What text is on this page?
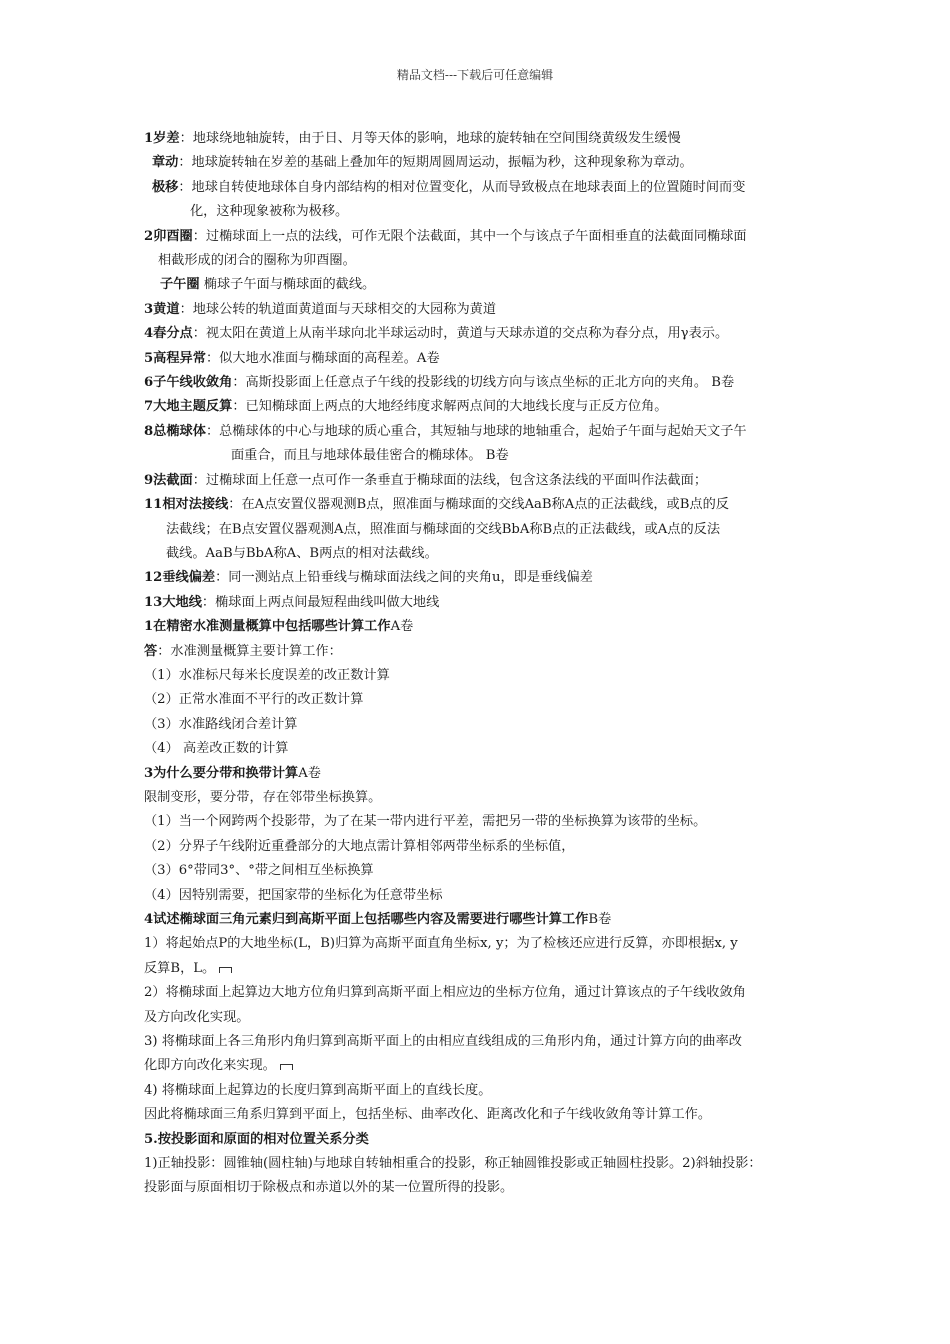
精品文档---下载后可任意编辑

1岁差：地球绕地轴旋转，由于日、月等天体的影响，地球的旋转轴在空间围绕黄级发生缓慢

章动：地球旋转轴在岁差的基础上叠加年的短期周圆周运动，振幅为秒，这种现象称为章动。

极移：地球自转使地球体自身内部结构的相对位置变化，从而导致极点在地球表面上的位置随时间而变

化，这种现象被称为极移。

2卯酉圈：过椭球面上一点的法线，可作无限个法截面，其中一个与该点子午面相垂直的法截面同椭球面

相截形成的闭合的圈称为卯酉圈。

子午圈 椭球子午面与椭球面的截线。

3黄道：地球公转的轨道面黄道面与天球相交的大园称为黄道

4春分点：视太阳在黄道上从南半球向北半球运动时，黄道与天球赤道的交点称为春分点，用γ表示。

5高程异常：似大地水准面与椭球面的高程差。A卷

6子午线收敛角：高斯投影面上任意点子午线的投影线的切线方向与该点坐标的正北方向的夹角。 B卷

7大地主题反算：已知椭球面上两点的大地经纬度求解两点间的大地线长度与正反方位角。

8总椭球体：总椭球体的中心与地球的质心重合，其短轴与地球的地轴重合，起始子午面与起始天文子午

面重合，而且与地球体最佳密合的椭球体。 B卷

9法截面：过椭球面上任意一点可作一条垂直于椭球面的法线，包含这条法线的平面叫作法截面；

11相对法接线：在A点安置仪器观测B点，照准面与椭球面的交线AaB称A点的正法截线，或B点的反

法截线；在B点安置仪器观测A点，照准面与椭球面的交线BbA称B点的正法截线，或A点的反法

截线。AaB与BbA称A、B两点的相对法截线。

12垂线偏差：同一测站点上铅垂线与椭球面法线之间的夹角u，即是垂线偏差

13大地线：椭球面上两点间最短程曲线叫做大地线

1在精密水准测量概算中包括哪些计算工作A卷

答：水准测量概算主要计算工作：

（1）水准标尺每米长度误差的改正数计算

（2）正常水准面不平行的改正数计算

（3）水准路线闭合差计算

（4） 高差改正数的计算

3为什么要分带和换带计算A卷

限制变形，要分带，存在邻带坐标换算。

（1）当一个网跨两个投影带，为了在某一带内进行平差，需把另一带的坐标换算为该带的坐标。

（2）分界子午线附近重叠部分的大地点需计算相邻两带坐标系的坐标值，

（3）6°带同3°、°带之间相互坐标换算

（4）因特别需要，把国家带的坐标化为任意带坐标

4试述椭球面三角元素归到高斯平面上包括哪些内容及需要进行哪些计算工作B卷

1）将起始点P的大地坐标(L，B)归算为高斯平面直角坐标x, y；为了检核还应进行反算，亦即根据x, y

反算B，L。

2）将椭球面上起算边大地方位角归算到高斯平面上相应边的坐标方位角，通过计算该点的子午线收敛角

及方向改化实现。

3) 将椭球面上各三角形内角归算到高斯平面上的由相应直线组成的三角形内角，通过计算方向的曲率改

化即方向改化来实现。

4) 将椭球面上起算边的长度归算到高斯平面上的直线长度。

因此将椭球面三角系归算到平面上，包括坐标、曲率改化、距离改化和子午线收敛角等计算工作。

5.按投影面和原面的相对位置关系分类

1)正轴投影：圆锥轴(圆柱轴)与地球自转轴相重合的投影，称正轴圆锥投影或正轴圆柱投影。2)斜轴投影：

投影面与原面相切于除极点和赤道以外的某一位置所得的投影。
